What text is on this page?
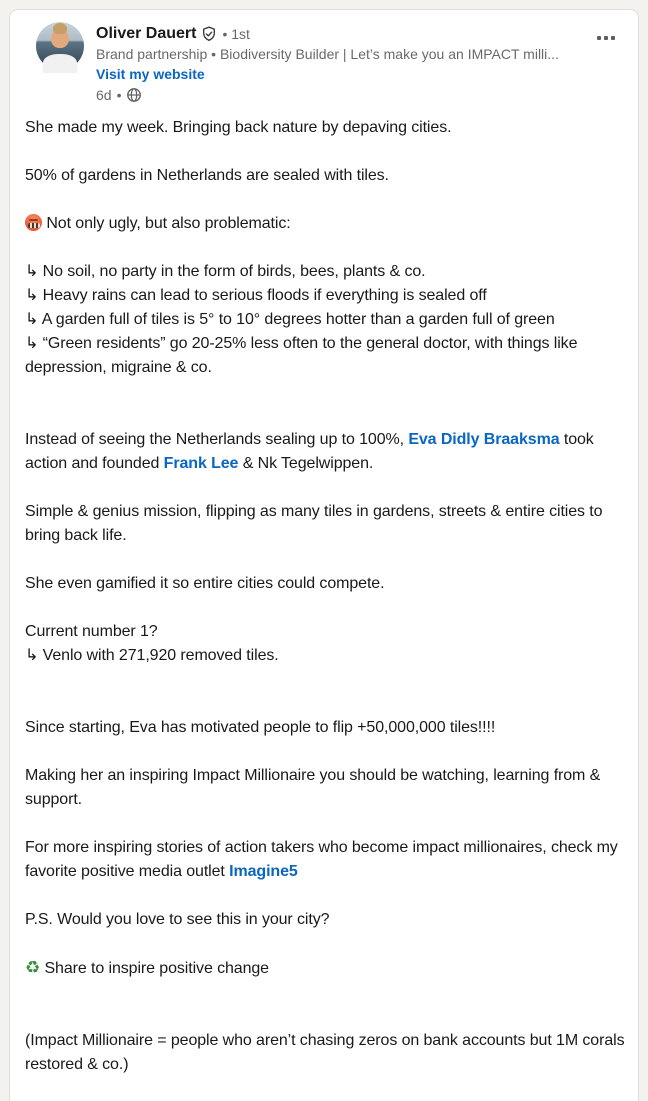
Oliver Dauert • 1st
Brand partnership • Biodiversity Builder | Let’s make you an IMPACT milli...
Visit my website
6d •
She made my week. Bringing back nature by depaving cities.
50% of gardens in Netherlands are sealed with tiles.
Not only ugly, but also problematic:
↳ No soil, no party in the form of birds, bees, plants & co.
↳ Heavy rains can lead to serious floods if everything is sealed off
↳ A garden full of tiles is 5° to 10° degrees hotter than a garden full of green
↳ “Green residents” go 20-25% less often to the general doctor, with things like depression, migraine & co.
Instead of seeing the Netherlands sealing up to 100%, Eva Didly Braaksma took action and founded Frank Lee & Nk Tegelwippen.
Simple & genius mission, flipping as many tiles in gardens, streets & entire cities to bring back life.
She even gamified it so entire cities could compete.
Current number 1?
↳ Venlo with 271,920 removed tiles.
Since starting, Eva has motivated people to flip +50,000,000 tiles!!!!
Making her an inspiring Impact Millionaire you should be watching, learning from & support.
For more inspiring stories of action takers who become impact millionaires, check my favorite positive media outlet Imagine5
P.S. Would you love to see this in your city?
♻ Share to inspire positive change
(Impact Millionaire = people who aren’t chasing zeros on bank accounts but 1M corals restored & co.)
